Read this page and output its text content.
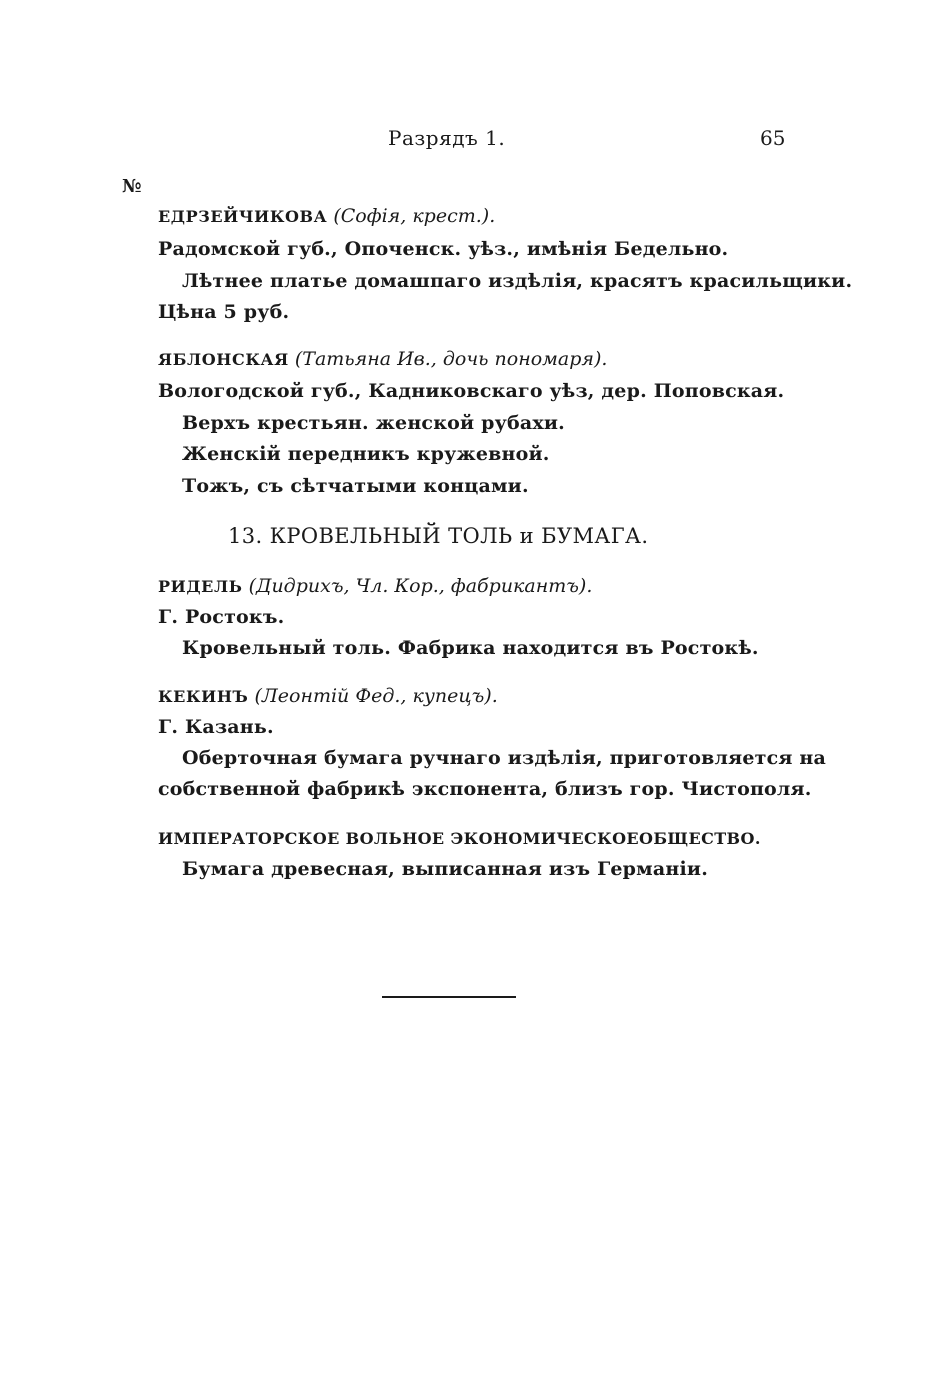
Разрядъ 1.	65
№
ЕДРЗЕЙЧИКОВА (Софія, крест.).
Радомской губ., Опоченск. уѣз., имѣнія Бедельно.
Лѣтнее платье домашпаго издѣлія, красятъ красильщики.
Цѣна 5 руб.
ЯБЛОНСКАЯ (Татьяна Ив., дочь пономаря).
Вологодской губ., Кадниковскаго уѣз, дер. Поповская.
Верхъ крестьян. женской рубахи.
Женскій передникъ кружевной.
Тожъ, съ сѣтчатыми концами.
13. КРОВЕЛЬНЫЙ ТОЛЬ и БУМАГА.
РИДЕЛЬ (Дидрихъ, Чл. Кор., фабрикантъ).
Г. Ростокъ.
Кровельный толь. Фабрика находится въ Ростокѣ.
КЕКИНЪ (Леонтій Фед., купецъ).
Г. Казань.
Оберточная бумага ручнаго издѣлія, приготовляется на
собственной фабрикѣ экспонента, близъ гор. Чистополя.
ИМПЕРАТОРСКОЕ ВОЛЬНОЕ ЭКОНОМИЧЕСКОЕОБЩЕСТВО.
Бумага древесная, выписанная изъ Германіи.
